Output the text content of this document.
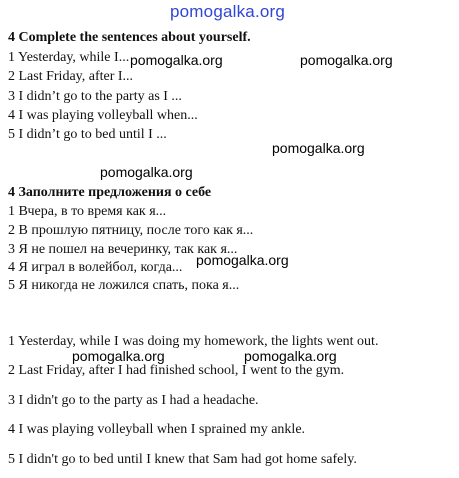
pomogalka.org
4 Complete the sentences about yourself.
1 Yesterday, while I...
2 Last Friday, after I...
3 I didn’t go to the party as I ...
4 I was playing volleyball when...
5 I didn’t go to bed until I ...
4 Заполните предложения о себе
1 Вчера, в то время как я...
2 В прошлую пятницу, после того как я...
3 Я не пошел на вечеринку, так как я...
4 Я играл в волейбол, когда...
5 Я никогда не ложился спать, пока я...
1 Yesterday, while I was doing my homework, the lights went out.
2 Last Friday, after I had finished school, I went to the gym.
3 I didn't go to the party as I had a headache.
4 I was playing volleyball when I sprained my ankle.
5 I didn't go to bed until I knew that Sam had got home safely.
pomogalka.org	pomogalka.org
pomogalka.org
pomogalka.org
pomogalka.org
pomogalka.org	pomogalka.org
